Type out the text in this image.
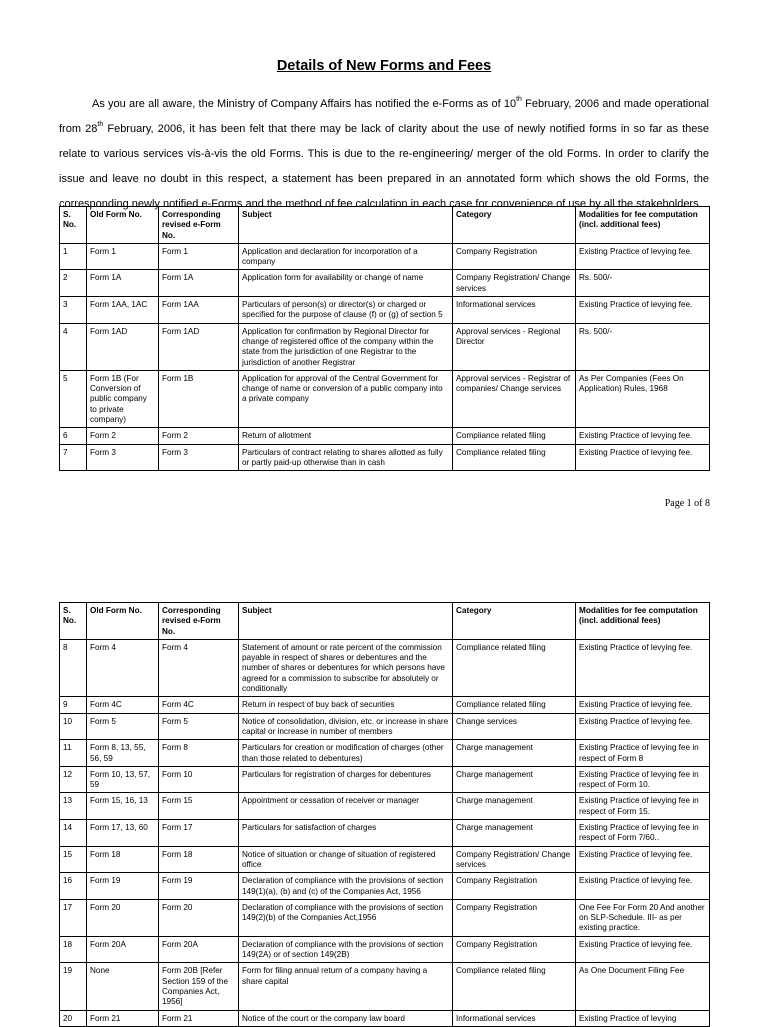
Details of New Forms and Fees
As you are all aware, the Ministry of Company Affairs has notified the e-Forms as of 10th February, 2006 and made operational from 28th February, 2006, it has been felt that there may be lack of clarity about the use of newly notified forms in so far as these relate to various services vis-à-vis the old Forms. This is due to the re-engineering/ merger of the old Forms. In order to clarify the issue and leave no doubt in this respect, a statement has been prepared in an annotated form which shows the old Forms, the corresponding newly notified e-Forms and the method of fee calculation in each case for convenience of use by all the stakeholders.
S. No.	Old Form No.	Corresponding revised e-Form No.	Subject	Category	Modalities for fee computation (incl. additional fees)
1	Form 1	Form 1	Application and declaration for incorporation of a company	Company Registration	Existing Practice of levying fee.
2	Form 1A	Form 1A	Application form for availability or change of name	Company Registration/ Change services	Rs. 500/-
3	Form 1AA, 1AC	Form 1AA	Particulars of person(s) or director(s) or charged or specified for the purpose of clause (f) or (g) of section 5	Informational services	Existing Practice of levying fee.
4	Form 1AD	Form 1AD	Application for confirmation by Regional Director for change of registered office of the company within the state from the jurisdiction of one Registrar to the jurisdiction of another Registrar	Approval services - Regional Director	Rs. 500/-
5	Form 1B (For Conversion of public company to private company)	Form 1B	Application for approval of the Central Government for change of name or conversion of a public company into a private company	Approval services - Registrar of companies/ Change services	As Per Companies (Fees On Application) Rules, 1968
6	Form 2	Form 2	Return of allotment	Compliance related filing	Existing Practice of levying fee.
7	Form 3	Form 3	Particulars of contract relating to shares allotted as fully or partly paid-up otherwise than in cash	Compliance related filing	Existing Practice of levying fee.
Page 1 of 8
S. No.	Old Form No.	Corresponding revised e-Form No.	Subject	Category	Modalities for fee computation (incl. additional fees)
8	Form 4	Form 4	Statement of amount or rate percent of the commission payable in respect of shares or debentures and the number of shares or debentures for which persons have agreed for a commission to subscribe for absolutely or conditionally	Compliance related filing	Existing Practice of levying fee.
9	Form 4C	Form 4C	Return in respect of buy back of securities	Compliance related filing	Existing Practice of levying fee.
10	Form 5	Form 5	Notice of consolidation, division, etc. or increase in share capital or increase in number of members	Change services	Existing Practice of levying fee.
11	Form 8, 13, 55, 56, 59	Form 8	Particulars for creation or modification of charges (other than those related to debentures)	Charge management	Existing Practice of levying fee in respect of Form 8
12	Form 10, 13, 57, 59	Form 10	Particulars for registration of charges for debentures	Charge management	Existing Practice of levying fee in respect of Form 10.
13	Form 15, 16, 13	Form 15	Appointment or cessation of receiver or manager	Charge management	Existing Practice of levying fee in respect of Form 15.
14	Form 17, 13, 60	Form 17	Particulars for satisfaction of charges	Charge management	Existing Practice of levying fee in respect of Form 7/60..
15	Form 18	Form 18	Notice of situation or change of situation of registered office	Company Registration/ Change services	Existing Practice of levying fee.
16	Form 19	Form 19	Declaration of compliance with the provisions of section 149(1)(a), (b) and (c) of the Companies Act, 1956	Company Registration	Existing Practice of levying fee.
17	Form 20	Form 20	Declaration of compliance with the provisions of section 149(2)(b) of the Companies Act,1956	Company Registration	One Fee For Form 20 And another on SLP-Schedule. III- as per existing practice.
18	Form 20A	Form 20A	Declaration of compliance with the provisions of section 149(2A) or of section 149(2B)	Company Registration	Existing Practice of levying fee.
19	None	Form 20B [Refer Section 159 of the Companies Act, 1956]	Form for filing annual return of a company having a share capital	Compliance related filing	As One Document Filing Fee
20	Form 21	Form 21	Notice of the court or the company law board	Informational services	Existing Practice of levying
